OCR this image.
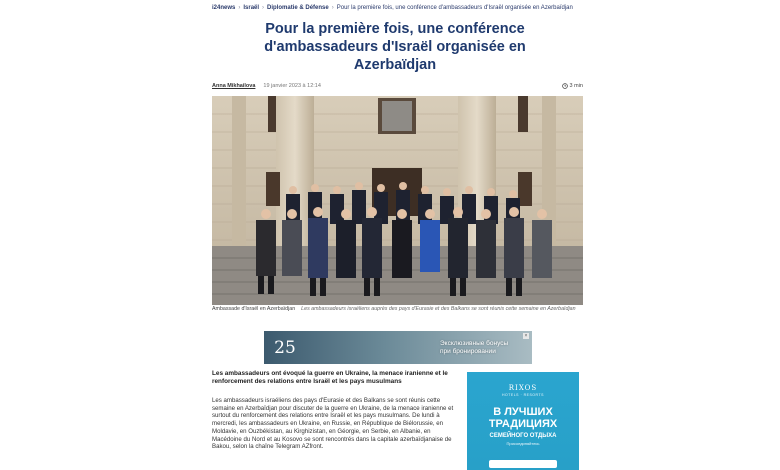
i24news › Israël › Diplomatie & Défense › Pour la première fois, une conférence d'ambassadeurs d'Israël organisée en Azerbaïdjan
Pour la première fois, une conférence d'ambassadeurs d'Israël organisée en Azerbaïdjan
Anna Mikhailova 19 janvier 2023 à 12:14	3 min

Ambassade d'Israël en Azerbaïdjan Les ambassadeurs israéliens auprès des pays d'Eurasie et des Balkans se sont réunis cette semaine en Azerbaïdjan

25	Эксклюзивные бонусы
при бронировании
×

Les ambassadeurs ont évoqué la guerre en Ukraine, la menace iranienne et le renforcement des relations entre Israël et les pays musulmans

Les ambassadeurs israéliens des pays d'Eurasie et des Balkans se sont réunis cette semaine en Azerbaïdjan pour discuter de la guerre en Ukraine, de la menace iranienne et surtout du renforcement des relations entre Israël et les pays musulmans. De lundi à mercredi, les ambassadeurs en Ukraine, en Russie, en République de Biélorussie, en Moldavie, en Ouzbékistan, au Kirghizistan, en Géorgie, en Serbie, en Albanie, en Macédoine du Nord et au Kosovo se sont rencontrés dans la capitale azerbaïdjanaise de Bakou, selon la chaîne Telegram AZfront.

RIXOS
HOTELS · RESORTS
В ЛУЧШИХ ТРАДИЦИЯХ
СЕМЕЙНОГО ОТДЫХА
Присоединяйтесь
